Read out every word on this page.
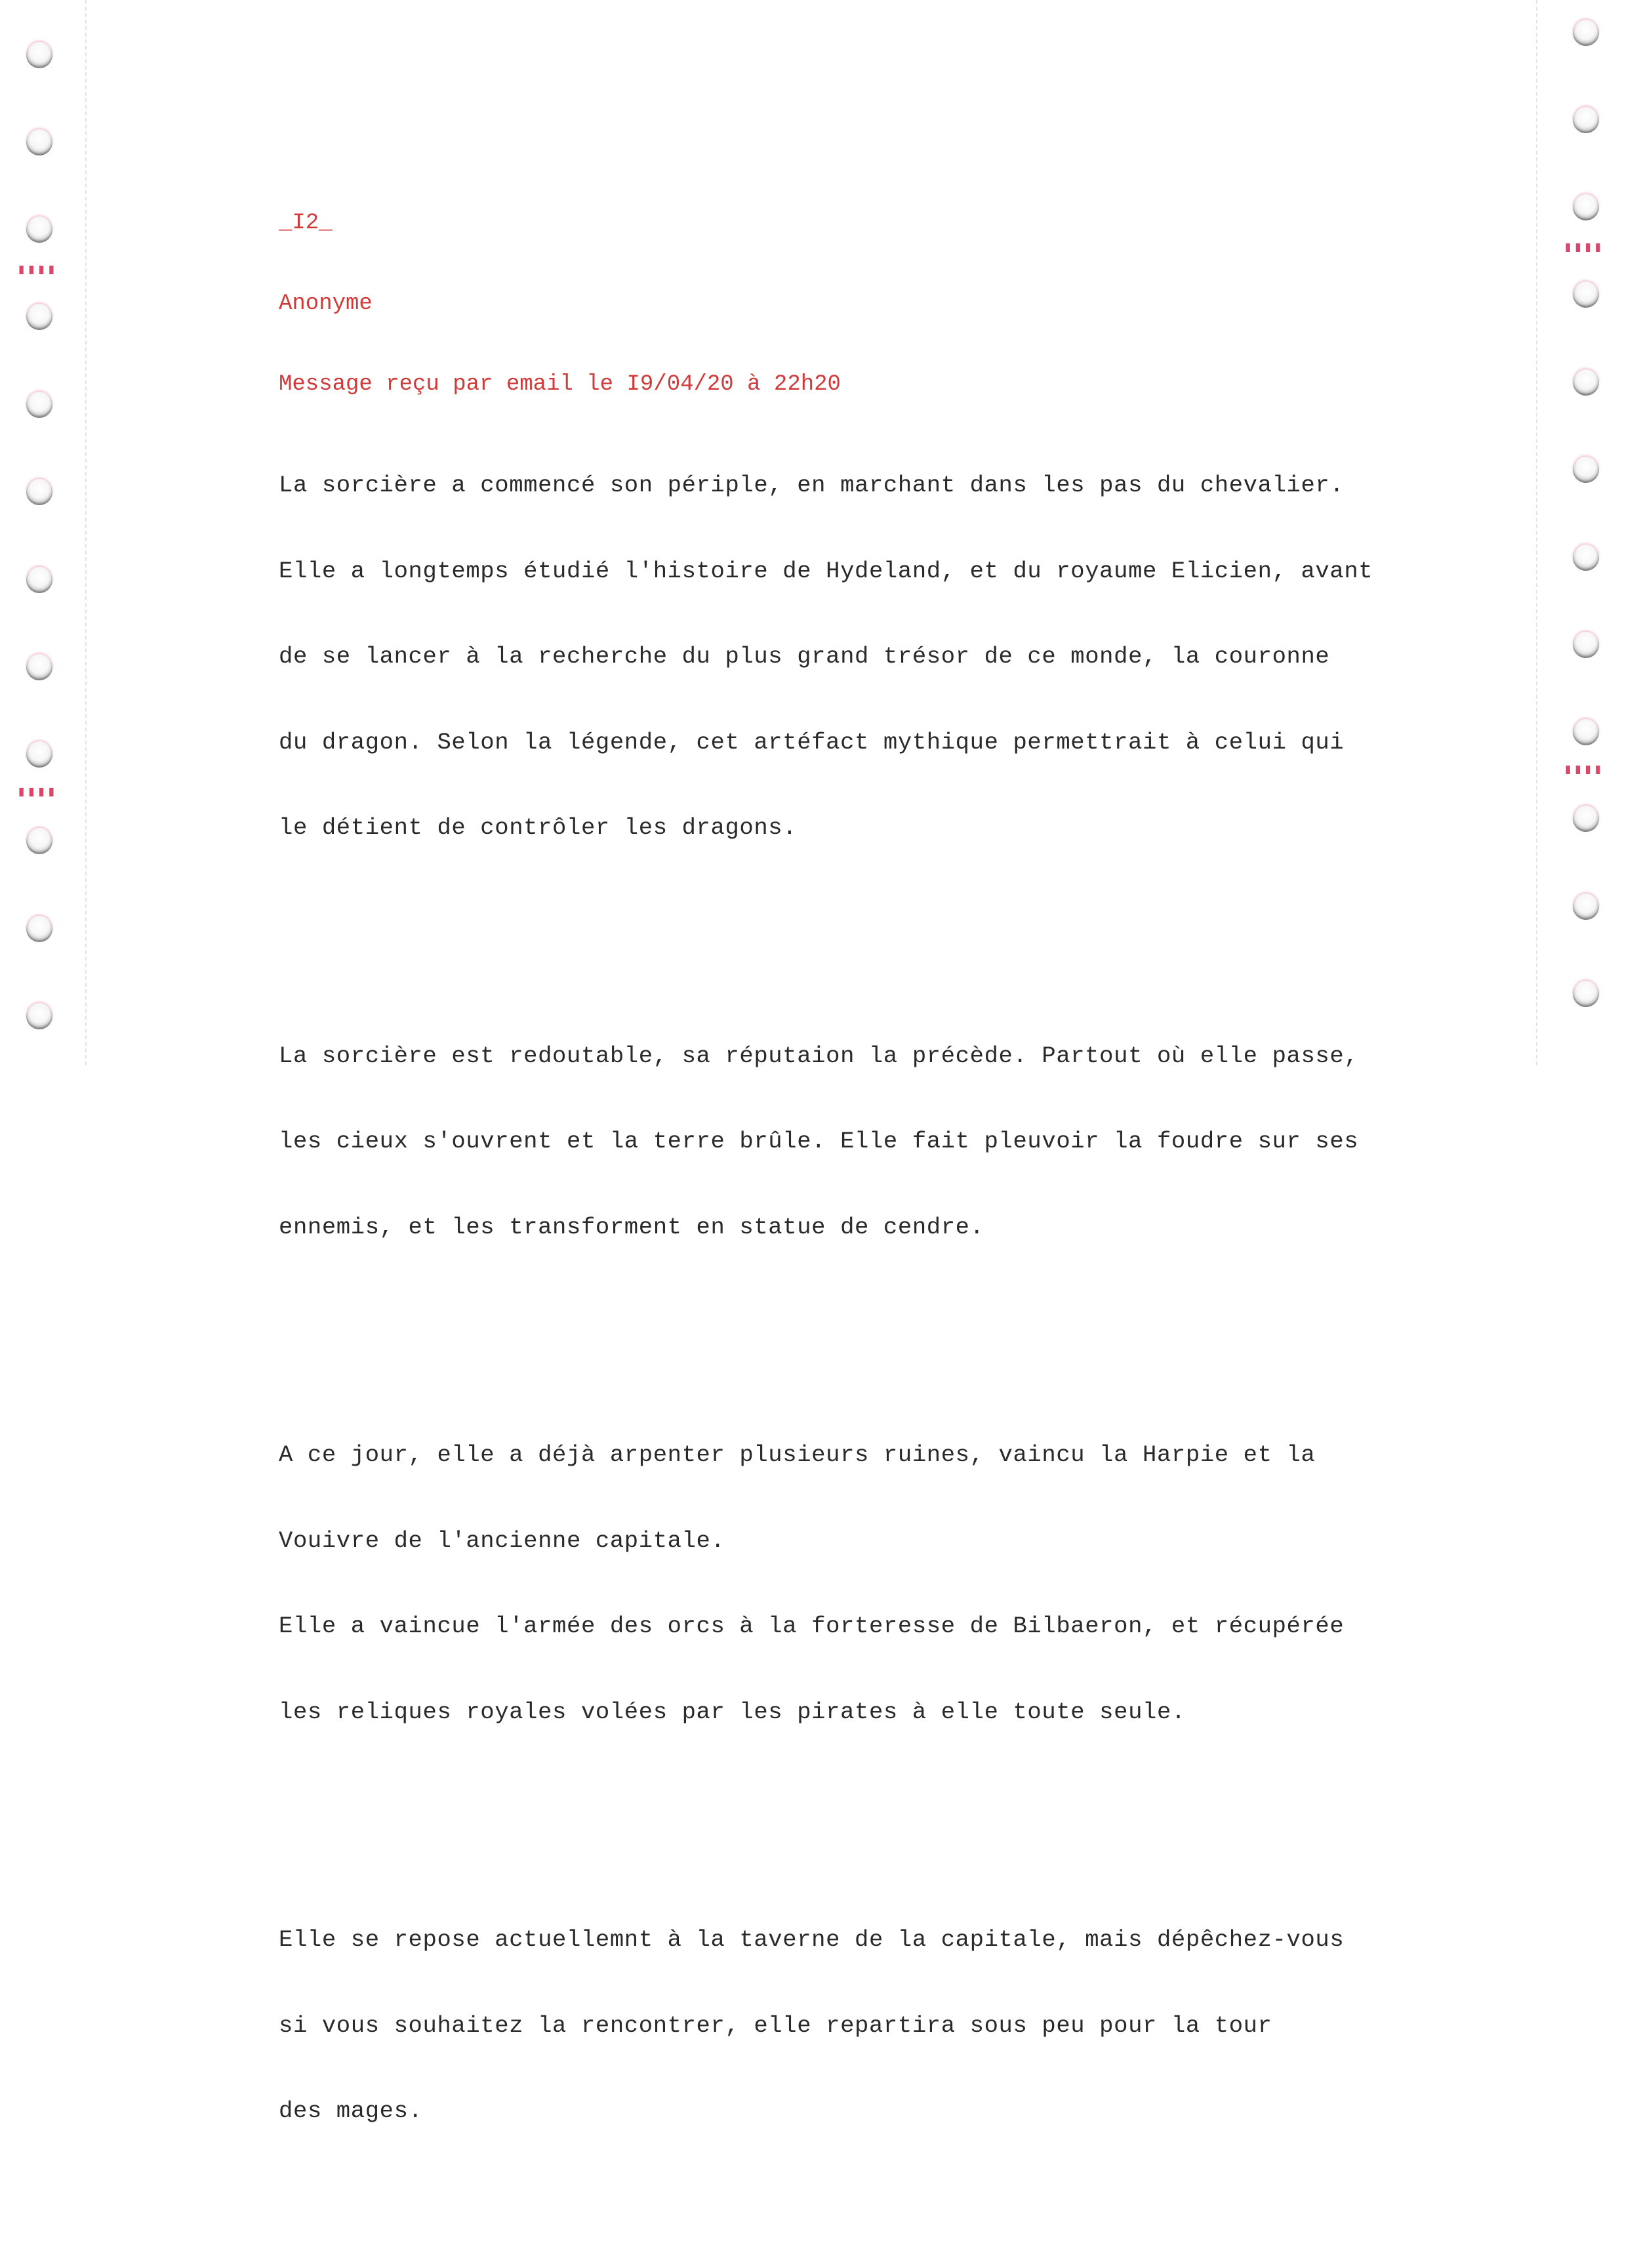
▮▮▮▮
▮▮▮▮
▮▮▮▮
▮▮▮▮

_I2_

Anonyme

Message reçu par email le I9/04/20 à 22h20

La sorcière a commencé son périple, en marchant dans les pas du chevalier.

Elle a longtemps étudié l'histoire de Hydeland, et du royaume Elicien, avant

de se lancer à la recherche du plus grand trésor de ce monde, la couronne

du dragon. Selon la légende, cet artéfact mythique permettrait à celui qui

le détient de contrôler les dragons.

La sorcière est redoutable, sa réputaion la précède. Partout où elle passe,

les cieux s'ouvrent et la terre brûle. Elle fait pleuvoir la foudre sur ses

ennemis, et les transforment en statue de cendre.

A ce jour, elle a déjà arpenter plusieurs ruines, vaincu la Harpie et la

Vouivre de l'ancienne capitale.

Elle a vaincue l'armée des orcs à la forteresse de Bilbaeron, et récupérée

les reliques royales volées par les pirates à elle toute seule.

Elle se repose actuellemnt à la taverne de la capitale, mais dépêchez-vous

si vous souhaitez la rencontrer, elle repartira sous peu pour la tour

des mages.
